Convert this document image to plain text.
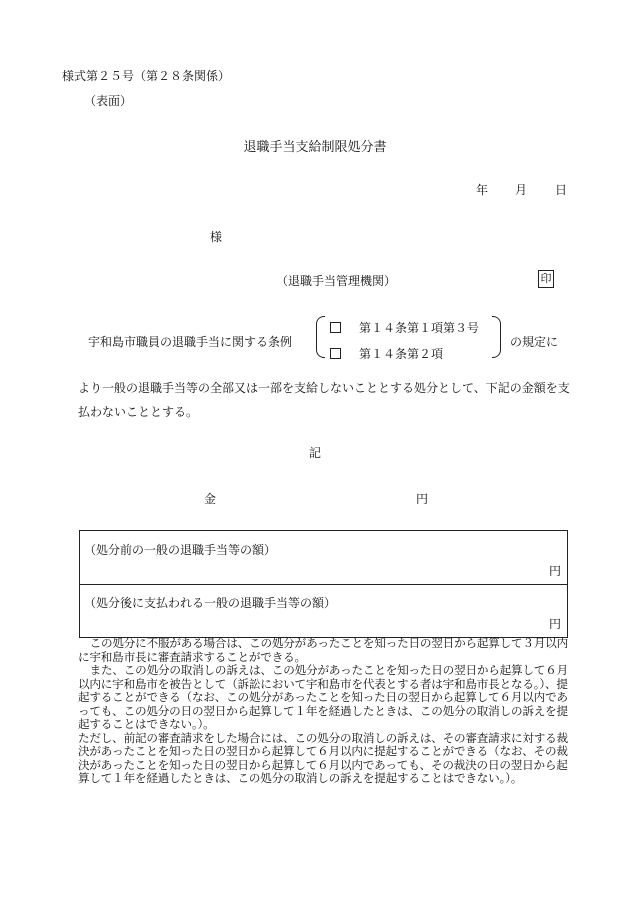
様式第２５号（第２８条関係）
（表面）
退職手当支給制限処分書
年 月 日
様
（退職手当管理機関）	印
宇和島市職員の退職手当に関する条例
第１４条第１項第３号
第１４条第２項
の規定に
より一般の退職手当等の全部又は一部を支給しないこととする処分として、下記の金額を支払わないこととする。
記
金	円
（処分前の一般の退職手当等の額）
円
（処分後に支払われる一般の退職手当等の額）
円

この処分に不服がある場合は、この処分があったことを知った日の翌日から起算して３月以内に宇和島市長に審査請求することができる。

また、この処分の取消しの訴えは、この処分があったことを知った日の翌日から起算して６月以内に宇和島市を被告として（訴訟において宇和島市を代表とする者は宇和島市長となる。）、提起することができる（なお、この処分があったことを知った日の翌日から起算して６月以内であっても、この処分の日の翌日から起算して１年を経過したときは、この処分の取消しの訴えを提起することはできない。）。

ただし、前記の審査請求をした場合には、この処分の取消しの訴えは、その審査請求に対する裁決があったことを知った日の翌日から起算して６月以内に提起することができる（なお、その裁決があったことを知った日の翌日から起算して６月以内であっても、その裁決の日の翌日から起算して１年を経過したときは、この処分の取消しの訴えを提起することはできない。）。
